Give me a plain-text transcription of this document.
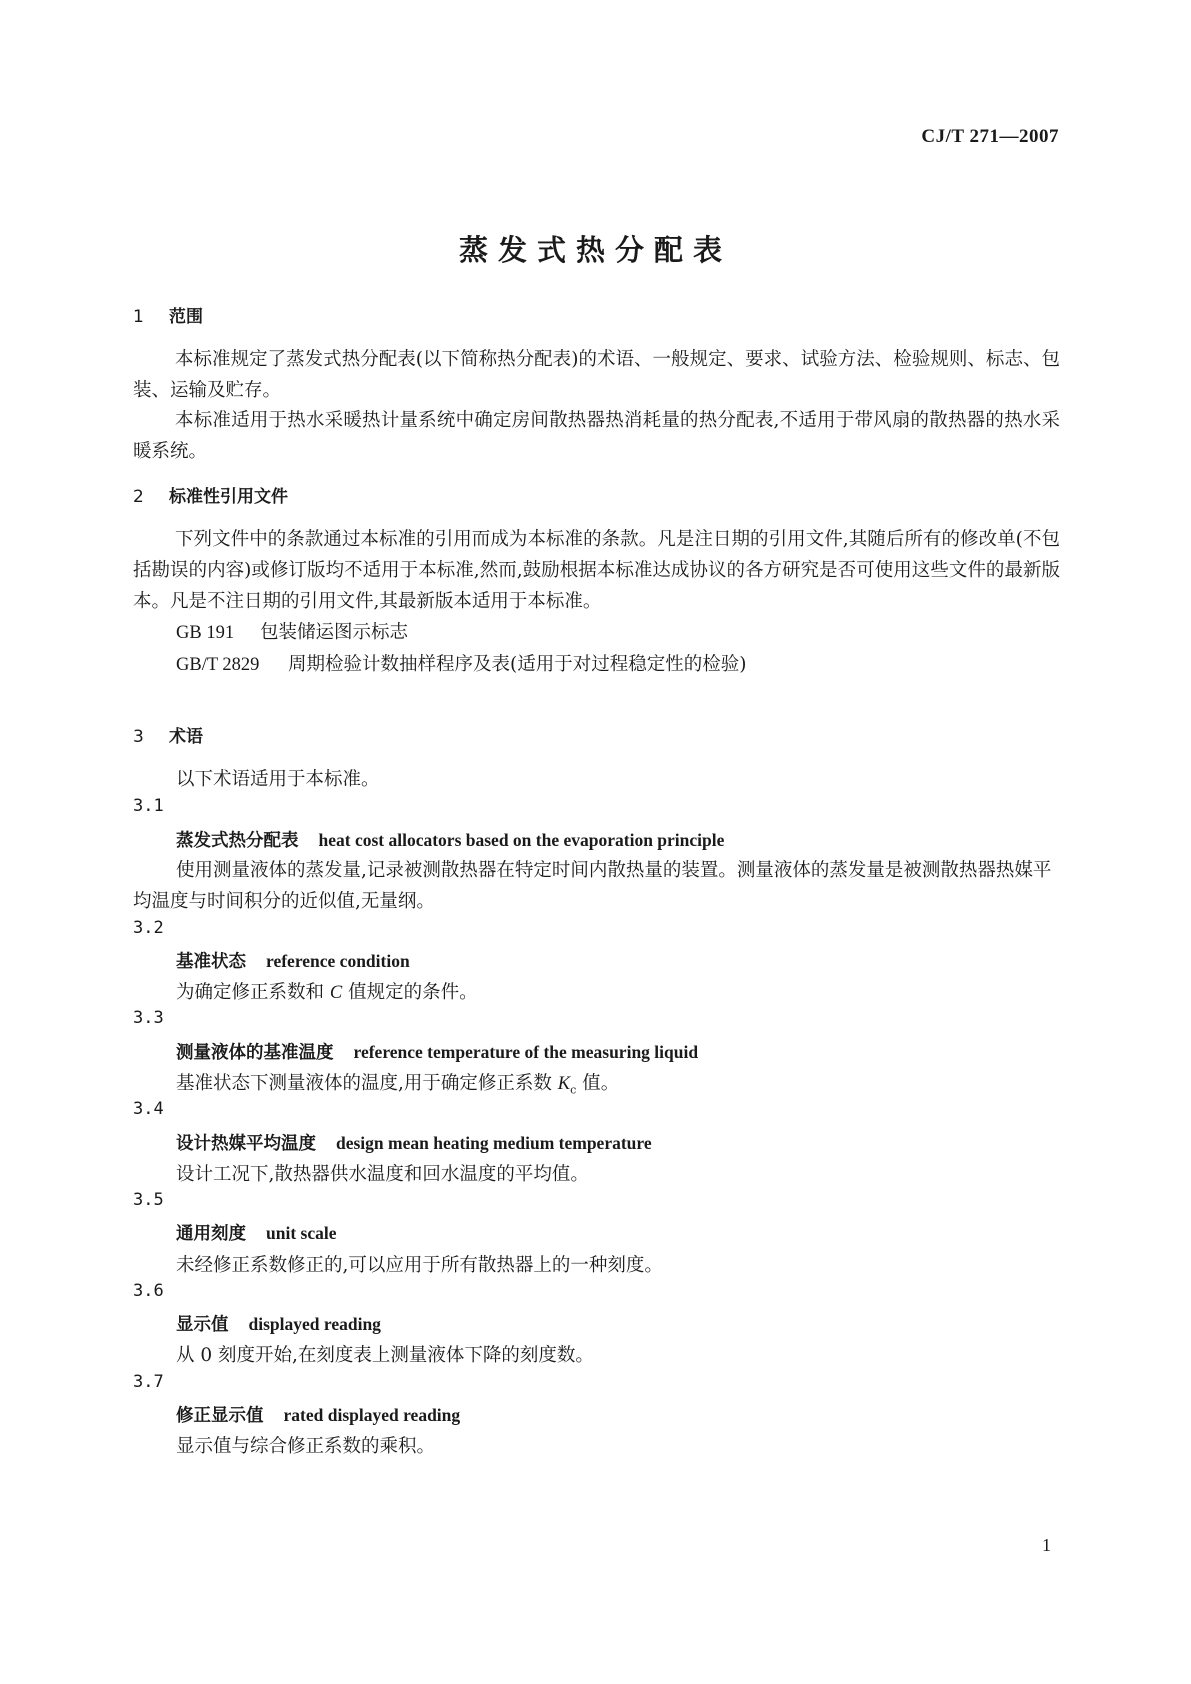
CJ/T 271—2007
蒸发式热分配表
1 范围
本标准规定了蒸发式热分配表(以下简称热分配表)的术语、一般规定、要求、试验方法、检验规则、标志、包装、运输及贮存。
本标准适用于热水采暖热计量系统中确定房间散热器热消耗量的热分配表,不适用于带风扇的散热器的热水采暖系统。
2 标准性引用文件
下列文件中的条款通过本标准的引用而成为本标准的条款。凡是注日期的引用文件,其随后所有的修改单(不包括勘误的内容)或修订版均不适用于本标准,然而,鼓励根据本标准达成协议的各方研究是否可使用这些文件的最新版本。凡是不注日期的引用文件,其最新版本适用于本标准。
GB 191 包装储运图示标志
GB/T 2829 周期检验计数抽样程序及表(适用于对过程稳定性的检验)
3 术语
以下术语适用于本标准。
3.1
蒸发式热分配表 heat cost allocators based on the evaporation principle
使用测量液体的蒸发量,记录被测散热器在特定时间内散热量的装置。测量液体的蒸发量是被测散热器热媒平均温度与时间积分的近似值,无量纲。
3.2
基准状态 reference condition
为确定修正系数和 C 值规定的条件。
3.3
测量液体的基准温度 reference temperature of the measuring liquid
基准状态下测量液体的温度,用于确定修正系数 $K_c$ 值。
3.4
设计热媒平均温度 design mean heating medium temperature
设计工况下,散热器供水温度和回水温度的平均值。
3.5
通用刻度 unit scale
未经修正系数修正的,可以应用于所有散热器上的一种刻度。
3.6
显示值 displayed reading
从 0 刻度开始,在刻度表上测量液体下降的刻度数。
3.7
修正显示值 rated displayed reading
显示值与综合修正系数的乘积。
1
